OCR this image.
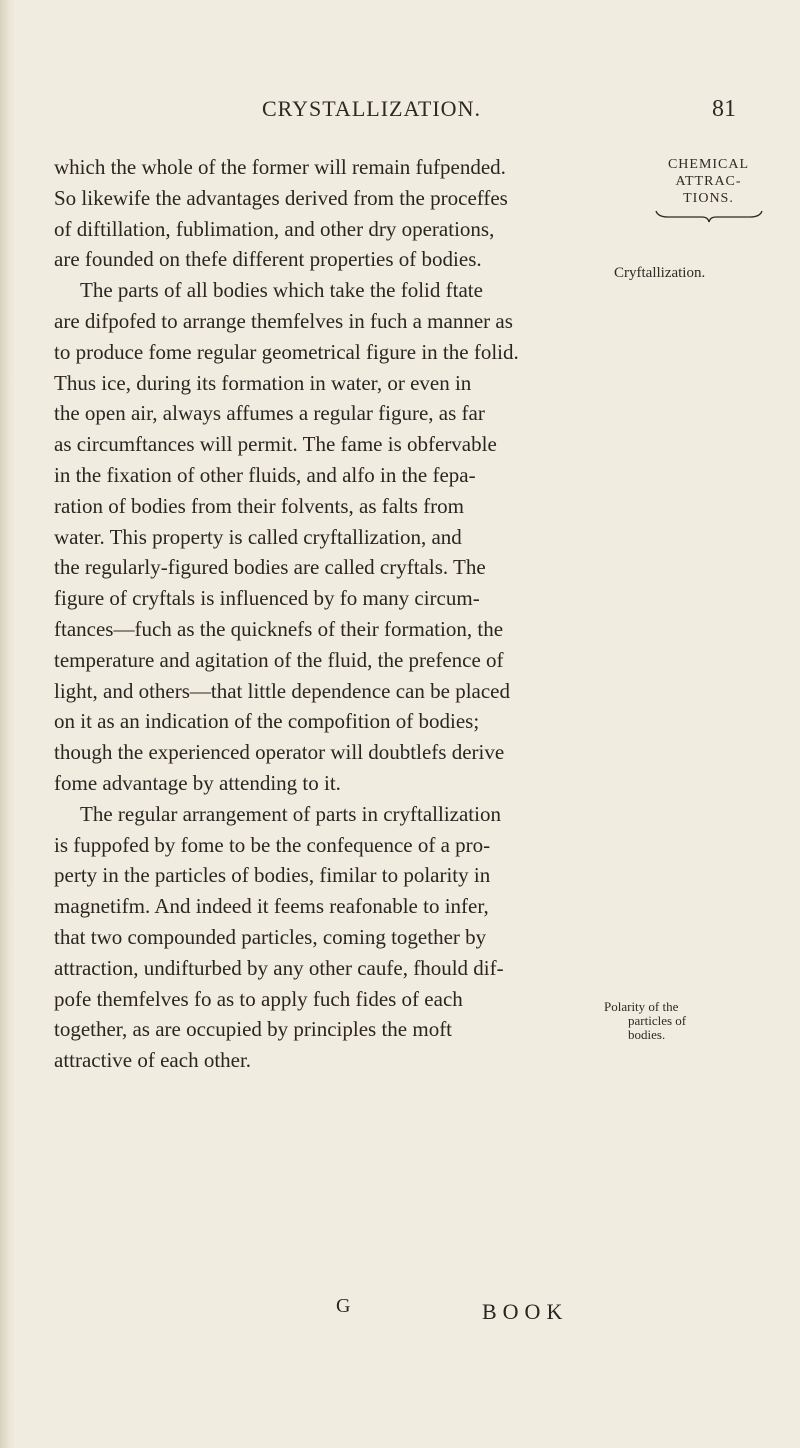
CRYSTALLIZATION.	81

which the whole of the former will remain fufpended.
So likewife the advantages derived from the proceffes
of diftillation, fublimation, and other dry operations,
are founded on thefe different properties of bodies.

The parts of all bodies which take the folid ftate
are difpofed to arrange themfelves in fuch a manner as
to produce fome regular geometrical figure in the folid.
Thus ice, during its formation in water, or even in
the open air, always affumes a regular figure, as far
as circumftances will permit. The fame is obfervable
in the fixation of other fluids, and alfo in the fepa-
ration of bodies from their folvents, as falts from
water. This property is called cryftallization, and
the regularly-figured bodies are called cryftals. The
figure of cryftals is influenced by fo many circum-
ftances—fuch as the quicknefs of their formation, the
temperature and agitation of the fluid, the prefence of
light, and others—that little dependence can be placed
on it as an indication of the compofition of bodies;
though the experienced operator will doubtlefs derive
fome advantage by attending to it.

The regular arrangement of parts in cryftallization
is fuppofed by fome to be the confequence of a pro-
perty in the particles of bodies, fimilar to polarity in
magnetifm. And indeed it feems reafonable to infer,
that two compounded particles, coming together by
attraction, undifturbed by any other caufe, fhould dif-
pofe themfelves fo as to apply fuch fides of each
together, as are occupied by principles the moft
attractive of each other.

CHEMICAL
ATTRAC-
TIONS.
Cryftallization.
Polarity of the
particles of
bodies.
G	BOOK
